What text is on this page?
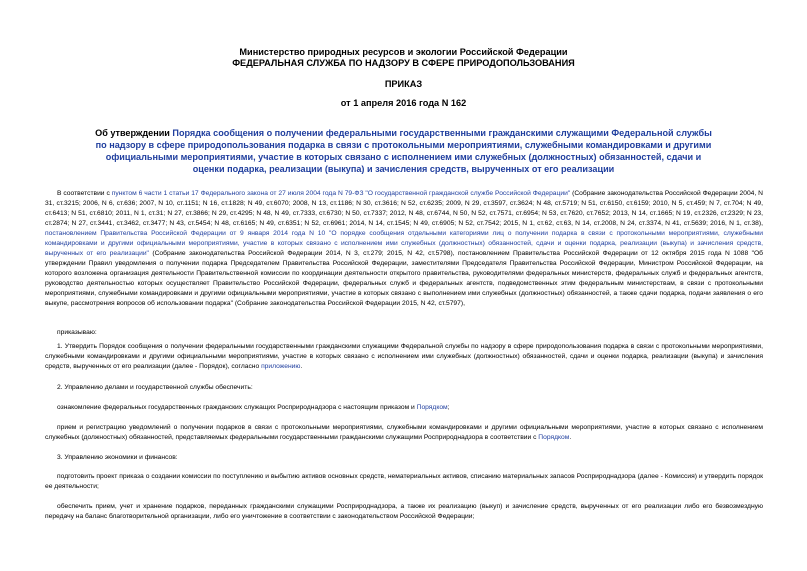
Министерство природных ресурсов и экологии Российской Федерации
ФЕДЕРАЛЬНАЯ СЛУЖБА ПО НАДЗОРУ В СФЕРЕ ПРИРОДОПОЛЬЗОВАНИЯ
ПРИКАЗ
от 1 апреля 2016 года N 162
Об утверждении Порядка сообщения о получении федеральными государственными гражданскими служащими Федеральной службы по надзору в сфере природопользования подарка в связи с протокольными мероприятиями, служебными командировками и другими официальными мероприятиями, участие в которых связано с исполнением ими служебных (должностных) обязанностей, сдачи и оценки подарка, реализации (выкупа) и зачисления средств, вырученных от его реализации
В соответствии с пунктом 6 части 1 статьи 17 Федерального закона от 27 июля 2004 года N 79-ФЗ "О государственной гражданской службе Российской Федерации" (Собрание законодательства Российской Федерации 2004, N 31, ст.3215; 2006, N 6, ст.636; 2007, N 10, ст.1151; N 16, ст.1828; N 49, ст.6070; 2008, N 13, ст.1186; N 30, ст.3616; N 52, ст.6235; 2009, N 29, ст.3597, ст.3624; N 48, ст.5719; N 51, ст.6150, ст.6159; 2010, N 5, ст.459; N 7, ст.704; N 49, ст.6413; N 51, ст.6810; 2011, N 1, ст.31; N 27, ст.3866; N 29, ст.4295; N 48, N 49, ст.7333, ст.6730; N 50, ст.7337; 2012, N 48, ст.6744, N 50, N 52, ст.7571, ст.6954; N 53, ст.7620, ст.7652; 2013, N 14, ст.1665; N 19, ст.2326, ст.2329; N 23, ст.2874; N 27, ст.3441, ст.3462, ст.3477; N 43, ст.5454; N 48, ст.6165; N 49, ст.6351; N 52, ст.6961; 2014, N 14, ст.1545; N 49, ст.6905; N 52, ст.7542; 2015, N 1, ст.62, ст.63, N 14, ст.2008, N 24, ст.3374, N 41, ст.5639; 2016, N 1, ст.38), постановлением Правительства Российской Федерации от 9 января 2014 года N 10 "О порядке сообщения отдельными категориями лиц о получении подарка в связи с протокольными мероприятиями, служебными командировками и другими официальными мероприятиями, участие в которых связано с исполнением ими служебных (должностных) обязанностей, сдачи и оценки подарка, реализации (выкупа) и зачисления средств, вырученных от его реализации" (Собрание законодательства Российской Федерации 2014, N 3, ст.279; 2015, N 42, ст.5798), постановлением Правительства Российской Федерации от 12 октября 2015 года N 1088 "Об утверждении Правил уведомления о получении подарка Председателем Правительства Российской Федерации, заместителями Председателя Правительства Российской Федерации, Министром Российской Федерации, на которого возложена организация деятельности Правительственной комиссии по координации деятельности открытого правительства, руководителями федеральных министерств, федеральных служб и федеральных агентств, руководство деятельностью которых осуществляет Правительство Российской Федерации, федеральных служб и федеральных агентств, подведомственных этим федеральным министерствам, в связи с протокольными мероприятиями, служебными командировками и другими официальными мероприятиями, участие в которых связано с выполнением ими служебных (должностных) обязанностей, а также сдачи подарка, подачи заявления о его выкупе, рассмотрения вопросов об использовании подарка" (Собрание законодательства Российской Федерации 2015, N 42, ст.5797),
приказываю:
1. Утвердить Порядок сообщения о получении федеральными государственными гражданскими служащими Федеральной службы по надзору в сфере природопользования подарка в связи с протокольными мероприятиями, служебными командировками и другими официальными мероприятиями, участие в которых связано с исполнением ими служебных (должностных) обязанностей, сдачи и оценки подарка, реализации (выкупа) и зачисления средств, вырученных от его реализации (далее - Порядок), согласно приложению.
2. Управлению делами и государственной службы обеспечить:
ознакомление федеральных государственных гражданских служащих Росприроднадзора с настоящим приказом и Порядком;
прием и регистрацию уведомлений о получении подарков в связи с протокольными мероприятиями, служебными командировками и другими официальными мероприятиями, участие в которых связано с исполнением служебных (должностных) обязанностей, представляемых федеральными государственными гражданскими служащими Росприроднадзора в соответствии с Порядком.
3. Управлению экономики и финансов:
подготовить проект приказа о создании комиссии по поступлению и выбытию активов основных средств, нематериальных активов, списанию материальных запасов Росприроднадзора (далее - Комиссия) и утвердить порядок ее деятельности;
обеспечить прием, учет и хранение подарков, переданных гражданскими служащими Росприроднадзора, а также их реализацию (выкуп) и зачисление средств, вырученных от его реализации либо его безвозмездную передачу на баланс благотворительной организации, либо его уничтожение в соответствии с законодательством Российской Федерации;
